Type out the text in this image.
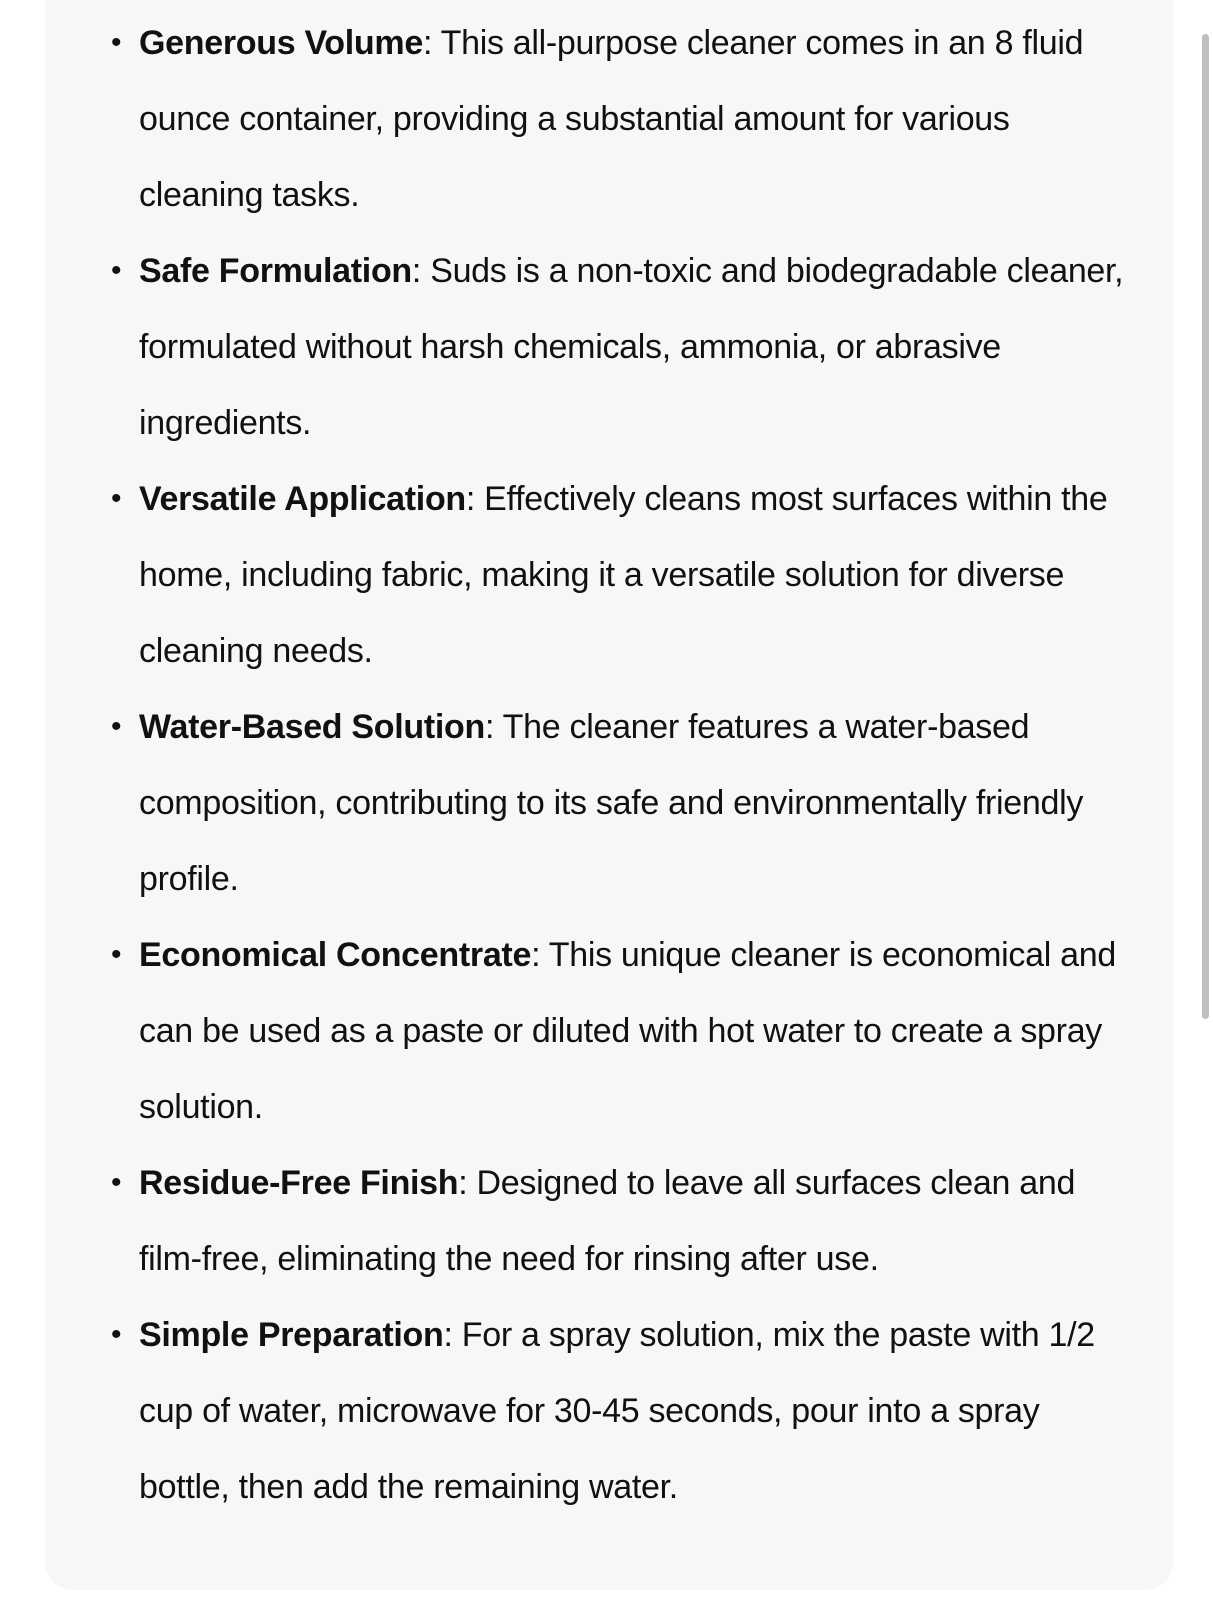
• Generous Volume: This all-purpose cleaner comes in an 8 fluid ounce container, providing a substantial amount for various cleaning tasks.
• Safe Formulation: Suds is a non-toxic and biodegradable cleaner, formulated without harsh chemicals, ammonia, or abrasive ingredients.
• Versatile Application: Effectively cleans most surfaces within the home, including fabric, making it a versatile solution for diverse cleaning needs.
• Water-Based Solution: The cleaner features a water-based composition, contributing to its safe and environmentally friendly profile.
• Economical Concentrate: This unique cleaner is economical and can be used as a paste or diluted with hot water to create a spray solution.
• Residue-Free Finish: Designed to leave all surfaces clean and film-free, eliminating the need for rinsing after use.
• Simple Preparation: For a spray solution, mix the paste with 1/2 cup of water, microwave for 30-45 seconds, pour into a spray bottle, then add the remaining water.
